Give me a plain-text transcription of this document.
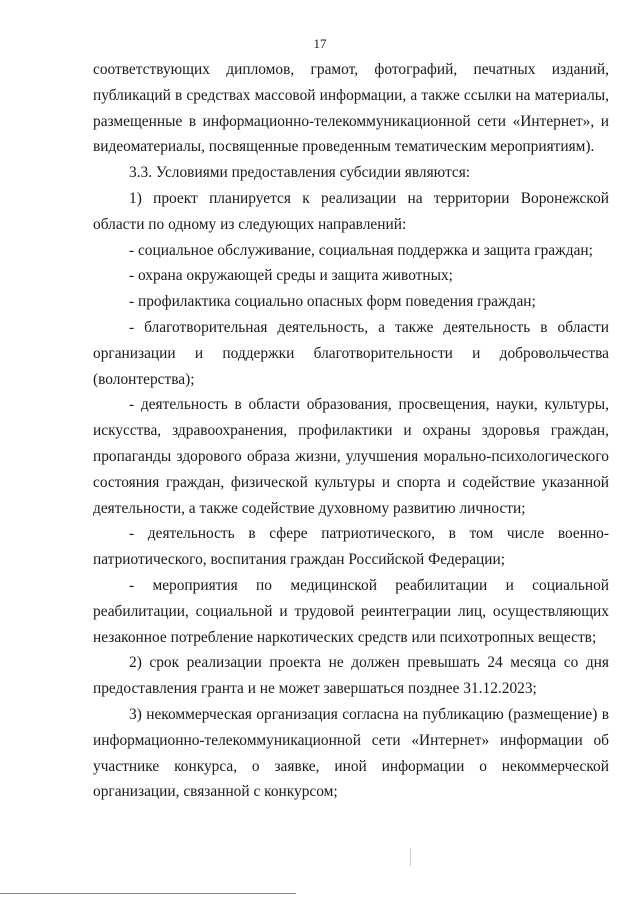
17

соответствующих дипломов, грамот, фотографий, печатных изданий, публикаций в средствах массовой информации, а также ссылки на материалы, размещенные в информационно-телекоммуникационной сети «Интернет», и видеоматериалы, посвященные проведенным тематическим мероприятиям).

3.3. Условиями предоставления субсидии являются:

1) проект планируется к реализации на территории Воронежской области по одному из следующих направлений:

- социальное обслуживание, социальная поддержка и защита граждан;

- охрана окружающей среды и защита животных;

- профилактика социально опасных форм поведения граждан;

- благотворительная деятельность, а также деятельность в области организации и поддержки благотворительности и добровольчества (волонтерства);

- деятельность в области образования, просвещения, науки, культуры, искусства, здравоохранения, профилактики и охраны здоровья граждан, пропаганды здорового образа жизни, улучшения морально-психологического состояния граждан, физической культуры и спорта и содействие указанной деятельности, а также содействие духовному развитию личности;

- деятельность в сфере патриотического, в том числе военно-патриотического, воспитания граждан Российской Федерации;

- мероприятия по медицинской реабилитации и социальной реабилитации, социальной и трудовой реинтеграции лиц, осуществляющих незаконное потребление наркотических средств или психотропных веществ;

2) срок реализации проекта не должен превышать 24 месяца со дня предоставления гранта и не может завершаться позднее 31.12.2023;

3) некоммерческая организация согласна на публикацию (размещение) в информационно-телекоммуникационной сети «Интернет» информации об участнике конкурса, о заявке, иной информации о некоммерческой организации, связанной с конкурсом;
